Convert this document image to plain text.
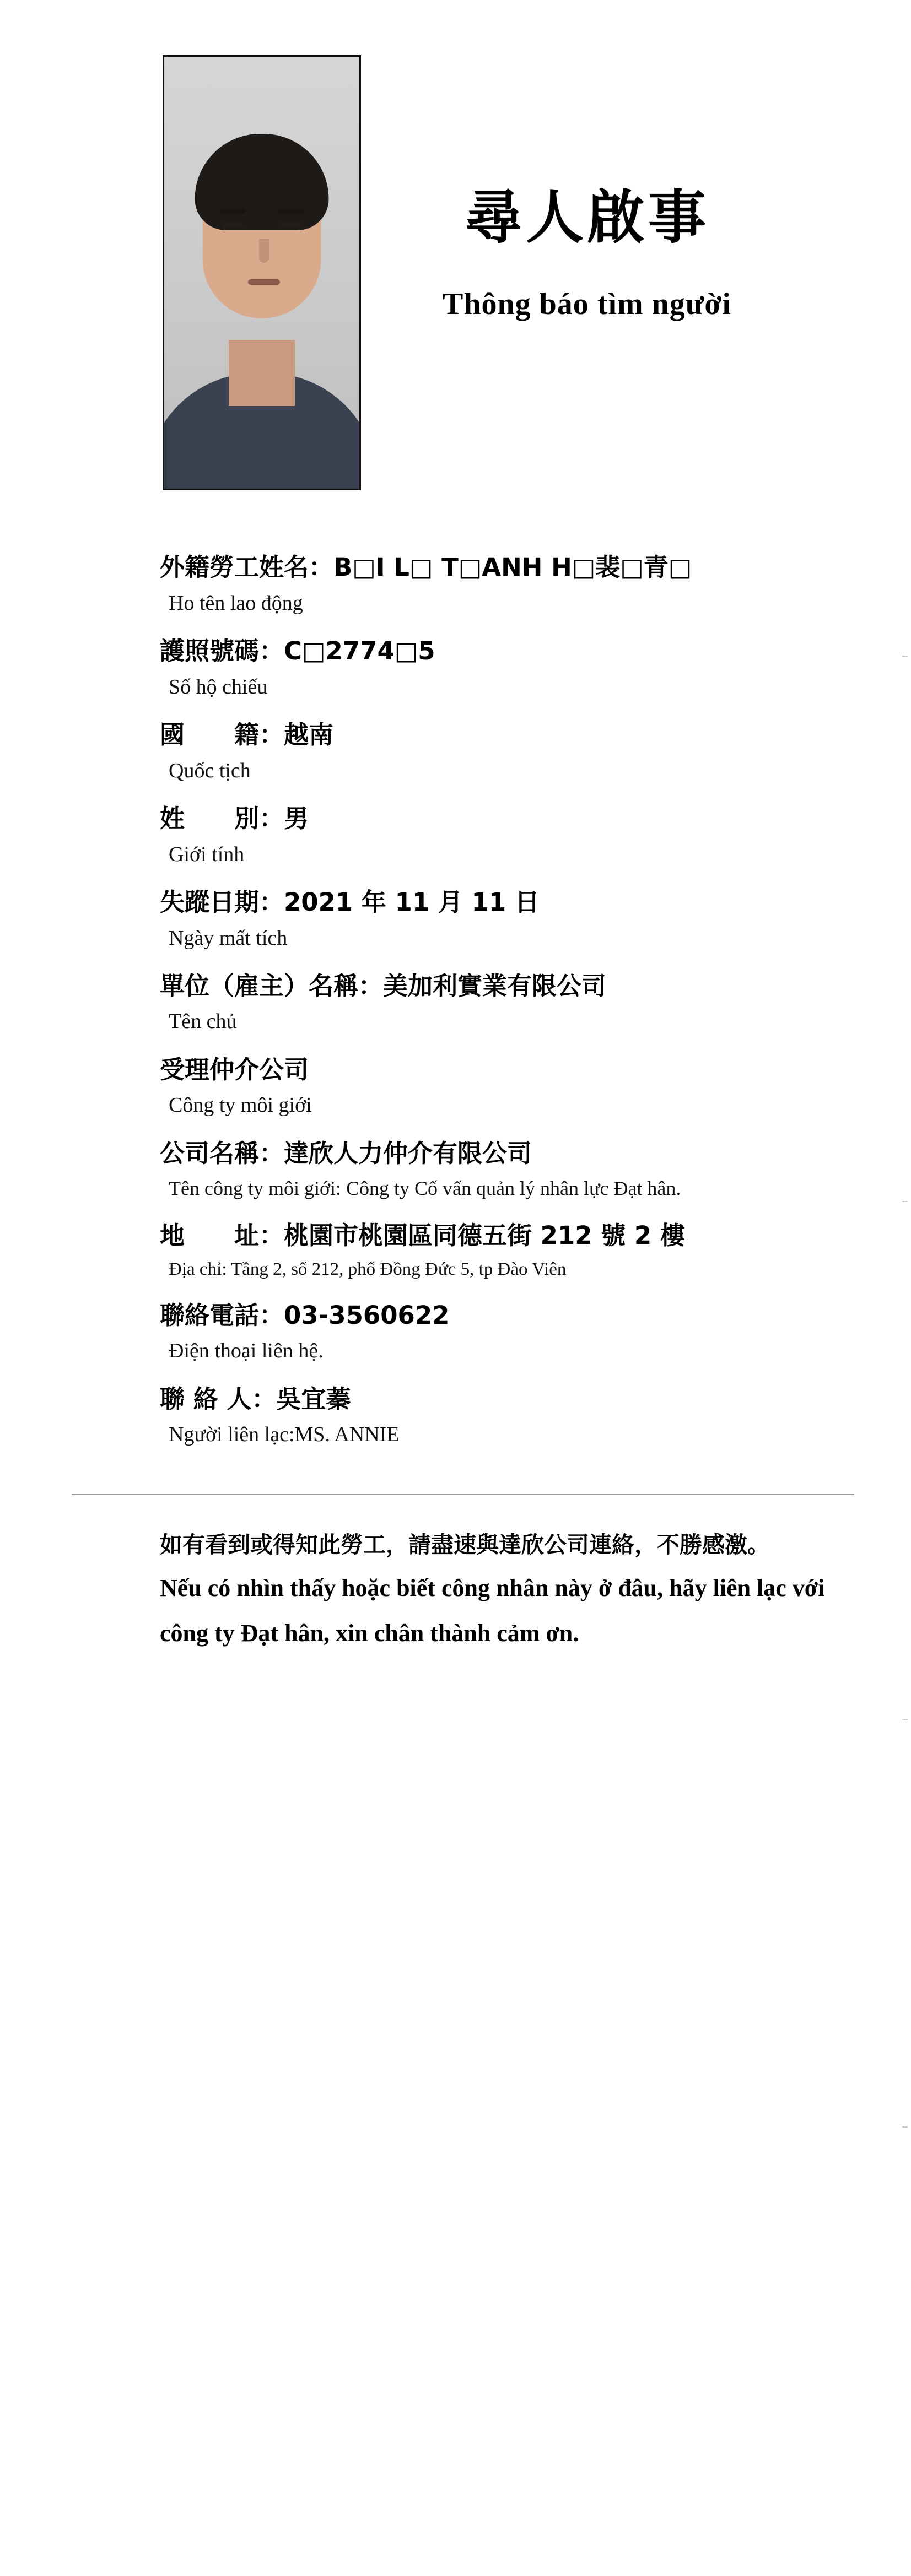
尋人啟事
Thông báo tìm người
外籍勞工姓名：B□I L□ T□ANH H□裴□青□
Ho tên lao động
護照號碼：C□2774□5
Số hộ chiếu
國　　籍：越南
Quốc tịch
姓　　別：男
Giới tính
失蹤日期：2021 年 11 月 11 日
Ngày mất tích
單位（雇主）名稱：美加利實業有限公司
Tên chủ
受理仲介公司
Công ty môi giới
公司名稱：達欣人力仲介有限公司
Tên công ty môi giới: Công ty Cố vấn quản lý nhân lực Đạt hân.
地　　址：桃園市桃園區同德五街 212 號 2 樓
Địa chỉ: Tầng 2, số 212, phố Đồng Đức 5, tp Đào Viên
聯絡電話：03-3560622
Điện thoại liên hệ.
聯 絡 人：吳宜蓁
Người liên lạc:MS. ANNIE
如有看到或得知此勞工，請盡速與達欣公司連絡，不勝感激。
Nếu có nhìn thấy hoặc biết công nhân này ở đâu, hãy liên lạc với
công ty Đạt hân, xin chân thành cảm ơn.
